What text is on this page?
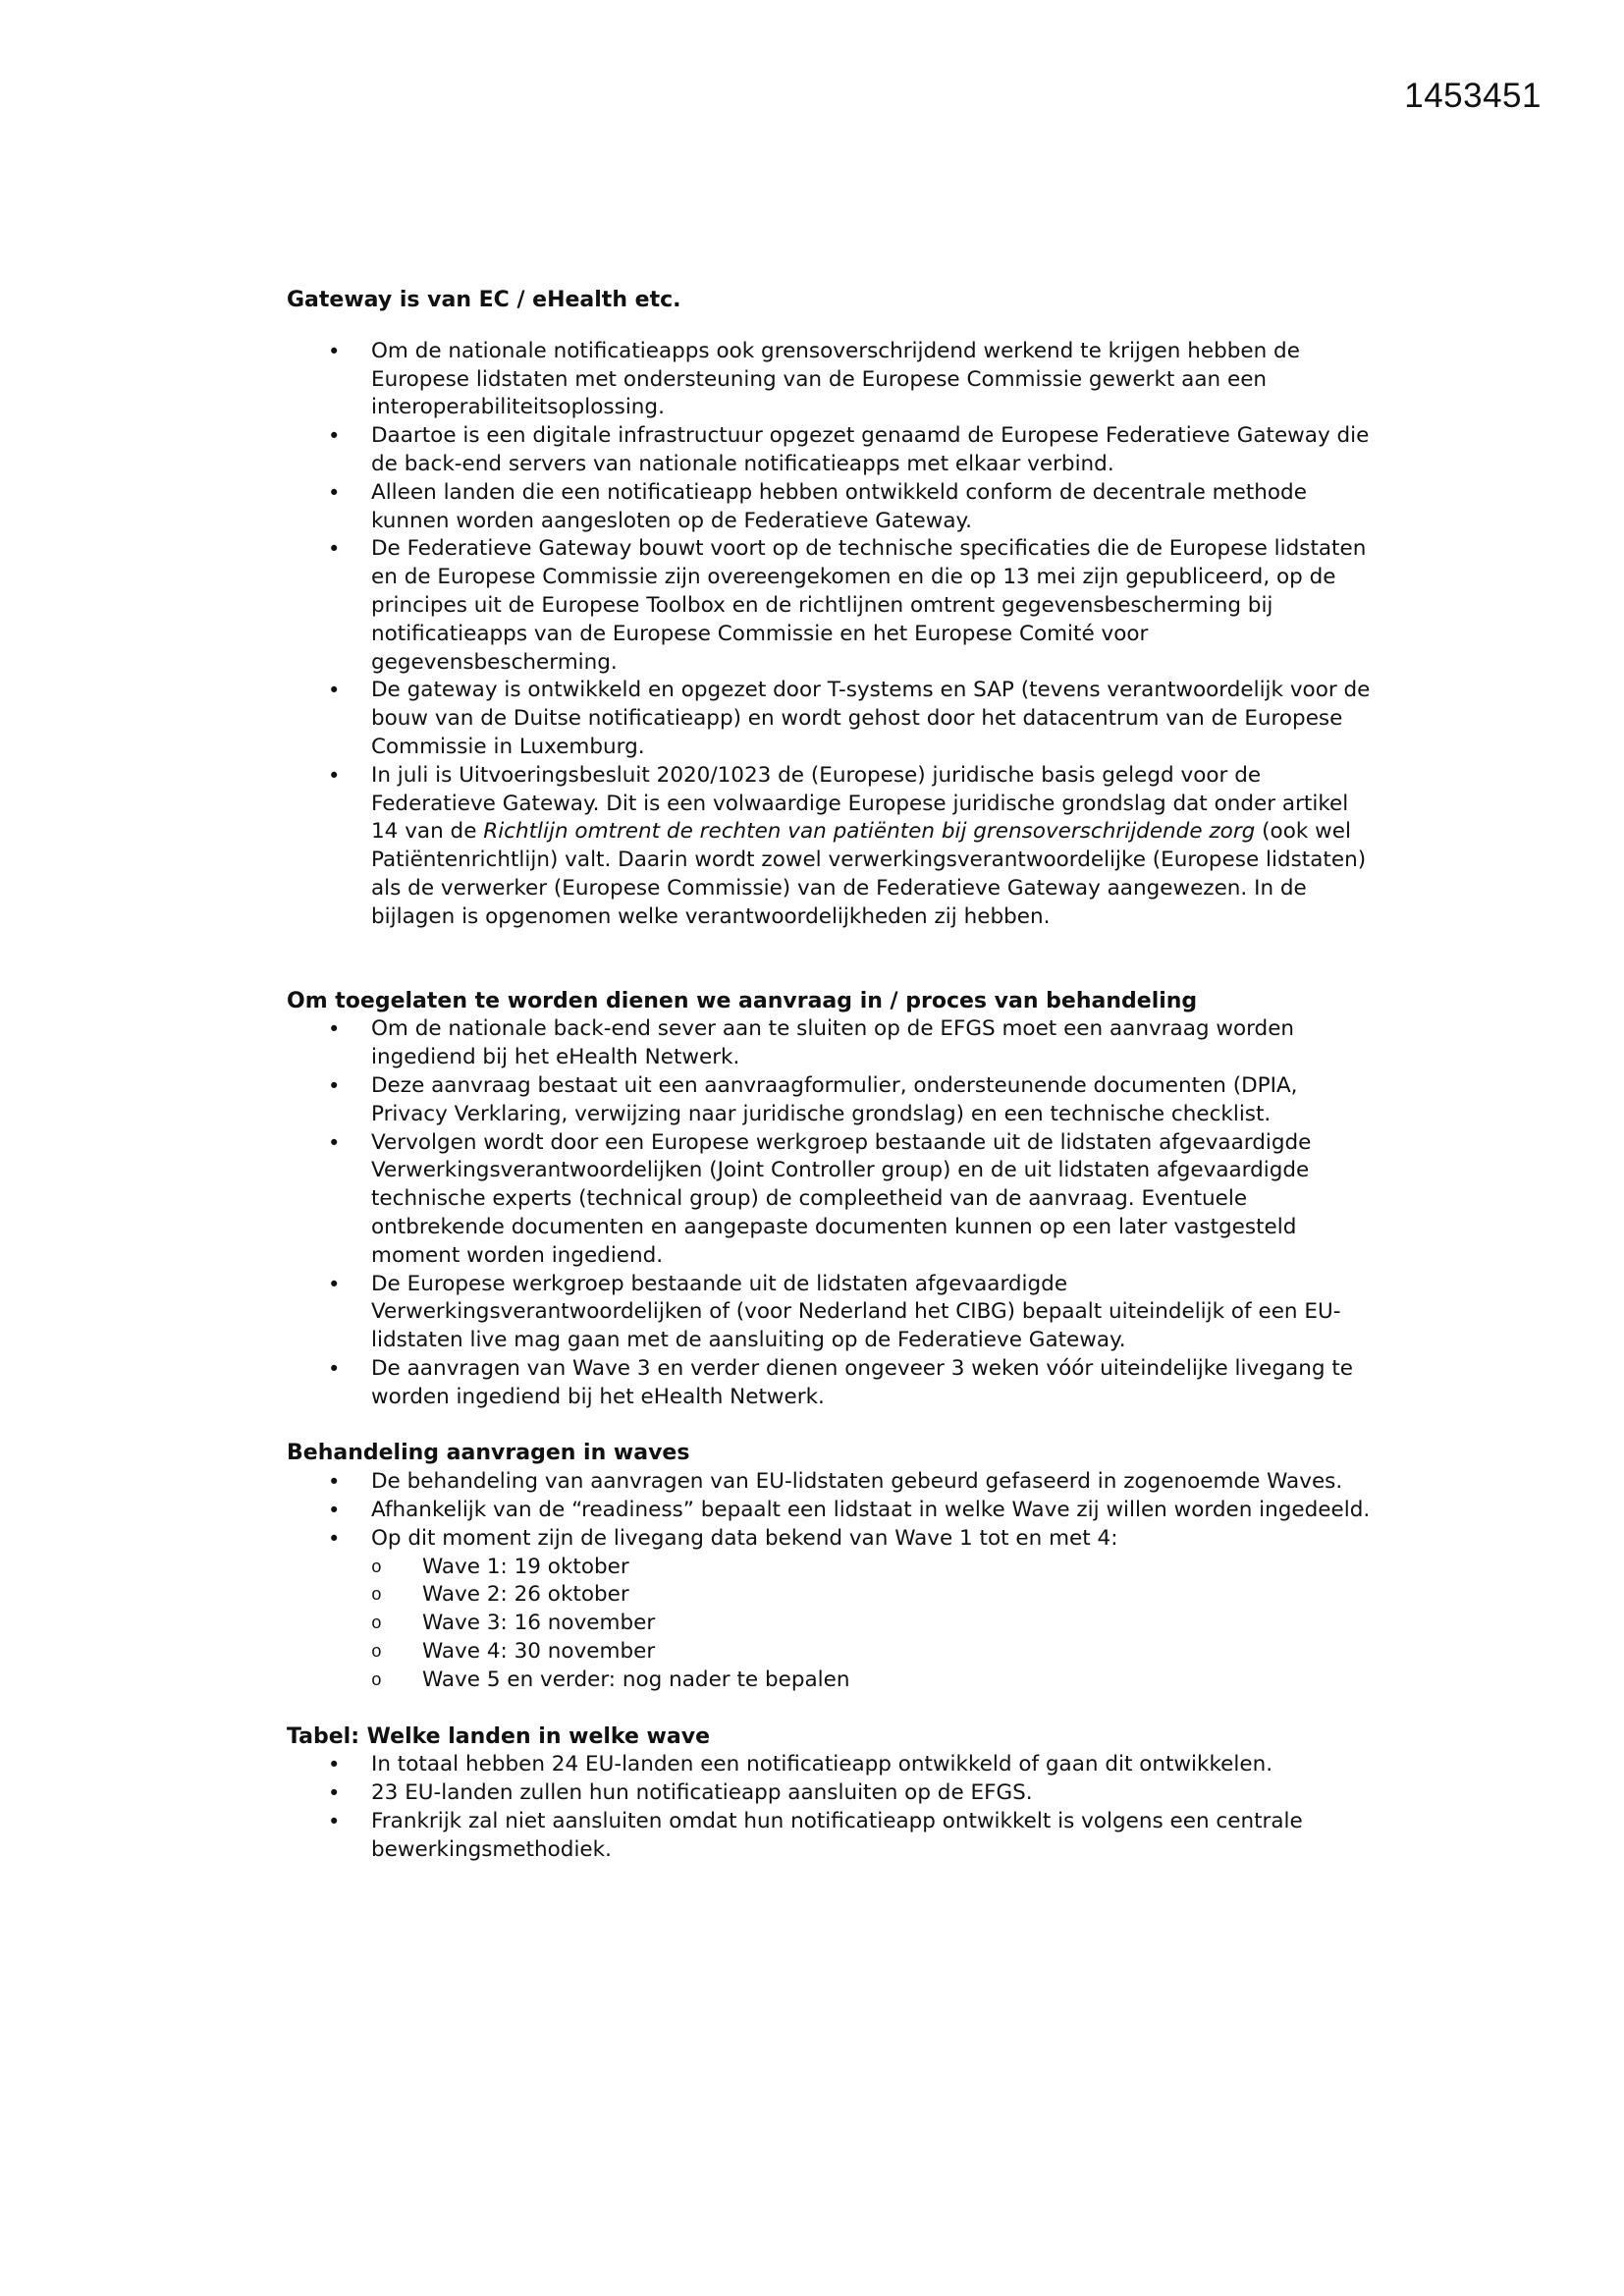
1453451
Gateway is van EC / eHealth etc.
• Om de nationale notificatieapps ook grensoverschrijdend werkend te krijgen hebben de Europese lidstaten met ondersteuning van de Europese Commissie gewerkt aan een interoperabiliteitsoplossing.
• Daartoe is een digitale infrastructuur opgezet genaamd de Europese Federatieve Gateway die de back-end servers van nationale notificatieapps met elkaar verbind.
• Alleen landen die een notificatieapp hebben ontwikkeld conform de decentrale methode kunnen worden aangesloten op de Federatieve Gateway.
• De Federatieve Gateway bouwt voort op de technische specificaties die de Europese lidstaten en de Europese Commissie zijn overeengekomen en die op 13 mei zijn gepubliceerd, op de principes uit de Europese Toolbox en de richtlijnen omtrent gegevensbescherming bij notificatieapps van de Europese Commissie en het Europese Comité voor gegevensbescherming.
• De gateway is ontwikkeld en opgezet door T-systems en SAP (tevens verantwoordelijk voor de bouw van de Duitse notificatieapp) en wordt gehost door het datacentrum van de Europese Commissie in Luxemburg.
• In juli is Uitvoeringsbesluit 2020/1023 de (Europese) juridische basis gelegd voor de Federatieve Gateway. Dit is een volwaardige Europese juridische grondslag dat onder artikel 14 van de Richtlijn omtrent de rechten van patiënten bij grensoverschrijdende zorg (ook wel Patiëntenrichtlijn) valt. Daarin wordt zowel verwerkingsverantwoordelijke (Europese lidstaten) als de verwerker (Europese Commissie) van de Federatieve Gateway aangewezen. In de bijlagen is opgenomen welke verantwoordelijkheden zij hebben.
Om toegelaten te worden dienen we aanvraag in / proces van behandeling
• Om de nationale back-end sever aan te sluiten op de EFGS moet een aanvraag worden ingediend bij het eHealth Netwerk.
• Deze aanvraag bestaat uit een aanvraagformulier, ondersteunende documenten (DPIA, Privacy Verklaring, verwijzing naar juridische grondslag) en een technische checklist.
• Vervolgen wordt door een Europese werkgroep bestaande uit de lidstaten afgevaardigde Verwerkingsverantwoordelijken (Joint Controller group) en de uit lidstaten afgevaardigde technische experts (technical group) de compleetheid van de aanvraag. Eventuele ontbrekende documenten en aangepaste documenten kunnen op een later vastgesteld moment worden ingediend.
• De Europese werkgroep bestaande uit de lidstaten afgevaardigde Verwerkingsverantwoordelijken of (voor Nederland het CIBG) bepaalt uiteindelijk of een EU-lidstaten live mag gaan met de aansluiting op de Federatieve Gateway.
• De aanvragen van Wave 3 en verder dienen ongeveer 3 weken vóór uiteindelijke livegang te worden ingediend bij het eHealth Netwerk.
Behandeling aanvragen in waves
• De behandeling van aanvragen van EU-lidstaten gebeurd gefaseerd in zogenoemde Waves.
• Afhankelijk van de “readiness” bepaalt een lidstaat in welke Wave zij willen worden ingedeeld.
• Op dit moment zijn de livegang data bekend van Wave 1 tot en met 4:
o Wave 1: 19 oktober
o Wave 2: 26 oktober
o Wave 3: 16 november
o Wave 4: 30 november
o Wave 5 en verder: nog nader te bepalen
Tabel: Welke landen in welke wave
• In totaal hebben 24 EU-landen een notificatieapp ontwikkeld of gaan dit ontwikkelen.
• 23 EU-landen zullen hun notificatieapp aansluiten op de EFGS.
• Frankrijk zal niet aansluiten omdat hun notificatieapp ontwikkelt is volgens een centrale bewerkingsmethodiek.
